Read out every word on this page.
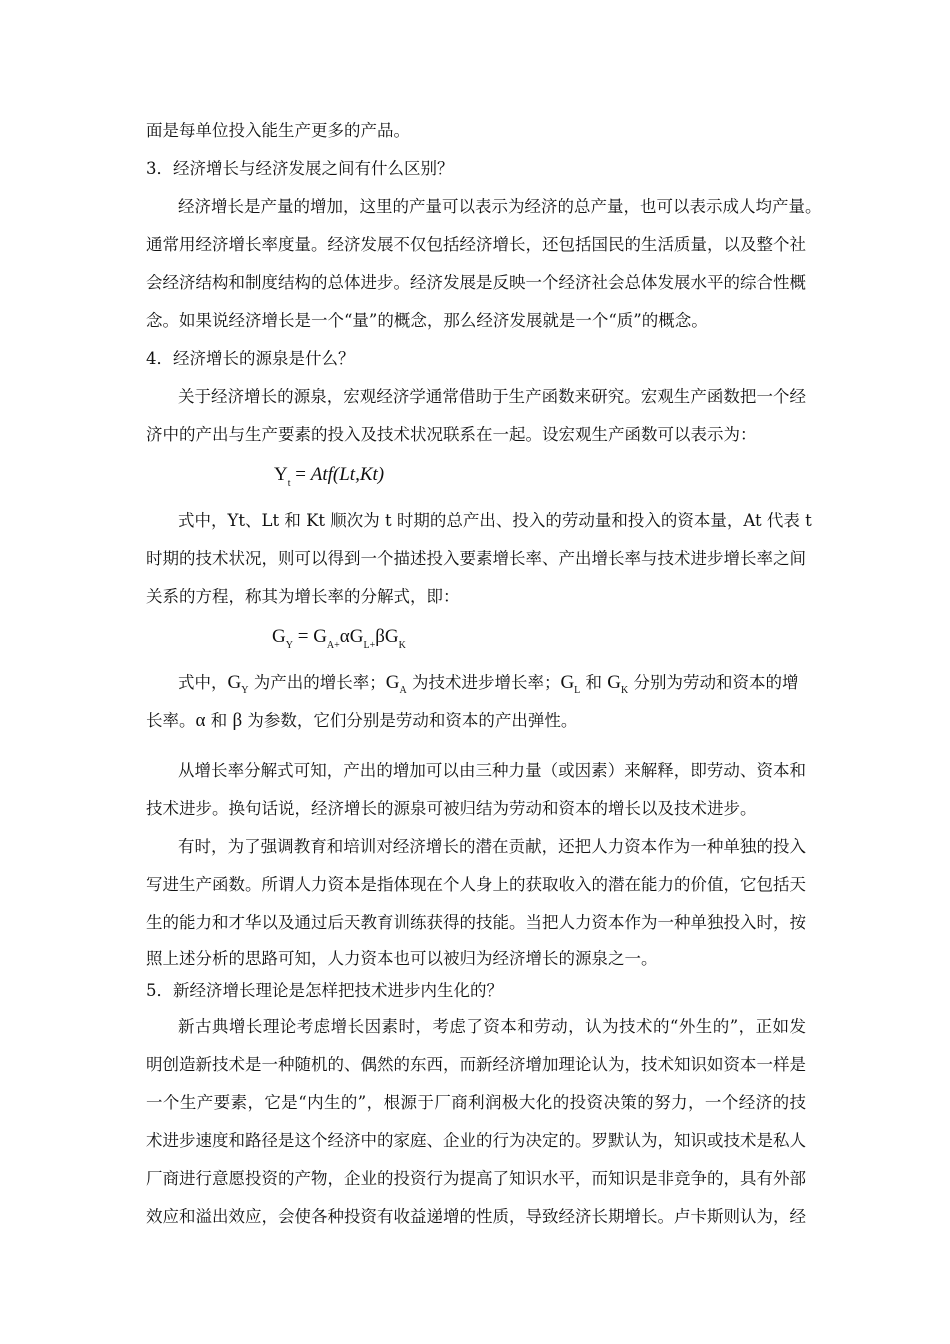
面是每单位投入能生产更多的产品。
3．经济增长与经济发展之间有什么区别？
经济增长是产量的增加，这里的产量可以表示为经济的总产量，也可以表示成人均产量。
通常用经济增长率度量。经济发展不仅包括经济增长，还包括国民的生活质量，以及整个社
会经济结构和制度结构的总体进步。经济发展是反映一个经济社会总体发展水平的综合性概
念。如果说经济增长是一个“量”的概念，那么经济发展就是一个“质”的概念。
4．经济增长的源泉是什么？
关于经济增长的源泉，宏观经济学通常借助于生产函数来研究。宏观生产函数把一个经
济中的产出与生产要素的投入及技术状况联系在一起。设宏观生产函数可以表示为：
$Y_t = Atf(Lt,Kt)$
式中，Yt、Lt 和 Kt 顺次为 t 时期的总产出、投入的劳动量和投入的资本量，At 代表 t
时期的技术状况，则可以得到一个描述投入要素增长率、产出增长率与技术进步增长率之间
关系的方程，称其为增长率的分解式，即：
$G_Y = G_{A+}\alpha G_{L+}\beta G_K$
式中，$G_Y$ 为产出的增长率；$G_A$ 为技术进步增长率；$G_L$ 和 $G_K$ 分别为劳动和资本的增
长率。α 和 β 为参数，它们分别是劳动和资本的产出弹性。
从增长率分解式可知，产出的增加可以由三种力量（或因素）来解释，即劳动、资本和
技术进步。换句话说，经济增长的源泉可被归结为劳动和资本的增长以及技术进步。
有时，为了强调教育和培训对经济增长的潜在贡献，还把人力资本作为一种单独的投入
写进生产函数。所谓人力资本是指体现在个人身上的获取收入的潜在能力的价值，它包括天
生的能力和才华以及通过后天教育训练获得的技能。当把人力资本作为一种单独投入时，按
照上述分析的思路可知，人力资本也可以被归为经济增长的源泉之一。
5．新经济增长理论是怎样把技术进步内生化的？
新古典增长理论考虑增长因素时，考虑了资本和劳动，认为技术的“外生的”，正如发
明创造新技术是一种随机的、偶然的东西，而新经济增加理论认为，技术知识如资本一样是
一个生产要素，它是“内生的”，根源于厂商利润极大化的投资决策的努力，一个经济的技
术进步速度和路径是这个经济中的家庭、企业的行为决定的。罗默认为，知识或技术是私人
厂商进行意愿投资的产物，企业的投资行为提高了知识水平，而知识是非竞争的，具有外部
效应和溢出效应，会使各种投资有收益递增的性质，导致经济长期增长。卢卡斯则认为，经
